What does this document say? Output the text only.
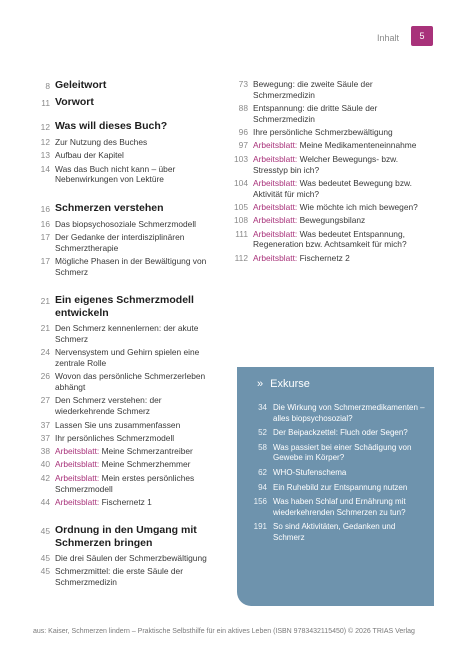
Inhalt	5
8 Geleitwort
11 Vorwort
12 Was will dieses Buch?
12 Zur Nutzung des Buches
13 Aufbau der Kapitel
14 Was das Buch nicht kann – über Nebenwirkungen von Lektüre
16 Schmerzen verstehen
16 Das biopsychosoziale Schmerzmodell
17 Der Gedanke der interdisziplinären Schmerztherapie
17 Mögliche Phasen in der Bewältigung von Schmerz
21 Ein eigenes Schmerzmodell entwickeln
21 Den Schmerz kennenlernen: der akute Schmerz
24 Nervensystem und Gehirn spielen eine zentrale Rolle
26 Wovon das persönliche Schmerzerleben abhängt
27 Den Schmerz verstehen: der wiederkehrende Schmerz
37 Lassen Sie uns zusammenfassen
37 Ihr persönliches Schmerzmodell
38 Arbeitsblatt: Meine Schmerzantreiber
40 Arbeitsblatt: Meine Schmerzhemmer
42 Arbeitsblatt: Mein erstes persönliches Schmerzmodell
44 Arbeitsblatt: Fischernetz 1
45 Ordnung in den Umgang mit Schmerzen bringen
45 Die drei Säulen der Schmerzbewältigung
45 Schmerzmittel: die erste Säule der Schmerzmedizin
73 Bewegung: die zweite Säule der Schmerzmedizin
88 Entspannung: die dritte Säule der Schmerzmedizin
96 Ihre persönliche Schmerzbewältigung
97 Arbeitsblatt: Meine Medikamenteneinnahme
103 Arbeitsblatt: Welcher Bewegungs- bzw. Stresstyp bin ich?
104 Arbeitsblatt: Was bedeutet Bewegung bzw. Aktivität für mich?
105 Arbeitsblatt: Wie möchte ich mich bewegen?
108 Arbeitsblatt: Bewegungsbilanz
111 Arbeitsblatt: Was bedeutet Entspannung, Regeneration bzw. Achtsamkeit für mich?
112 Arbeitsblatt: Fischernetz 2
» Exkurse
34 Die Wirkung von Schmerzmedikamenten – alles biopsychosozial?
52 Der Beipackzettel: Fluch oder Segen?
58 Was passiert bei einer Schädigung von Gewebe im Körper?
62 WHO-Stufenschema
94 Ein Ruhebild zur Entspannung nutzen
156 Was haben Schlaf und Ernährung mit wiederkehrenden Schmerzen zu tun?
191 So sind Aktivitäten, Gedanken und Schmerz
aus: Kaiser, Schmerzen lindern – Praktische Selbsthilfe für ein aktives Leben (ISBN 9783432115450) © 2026 TRIAS Verlag
